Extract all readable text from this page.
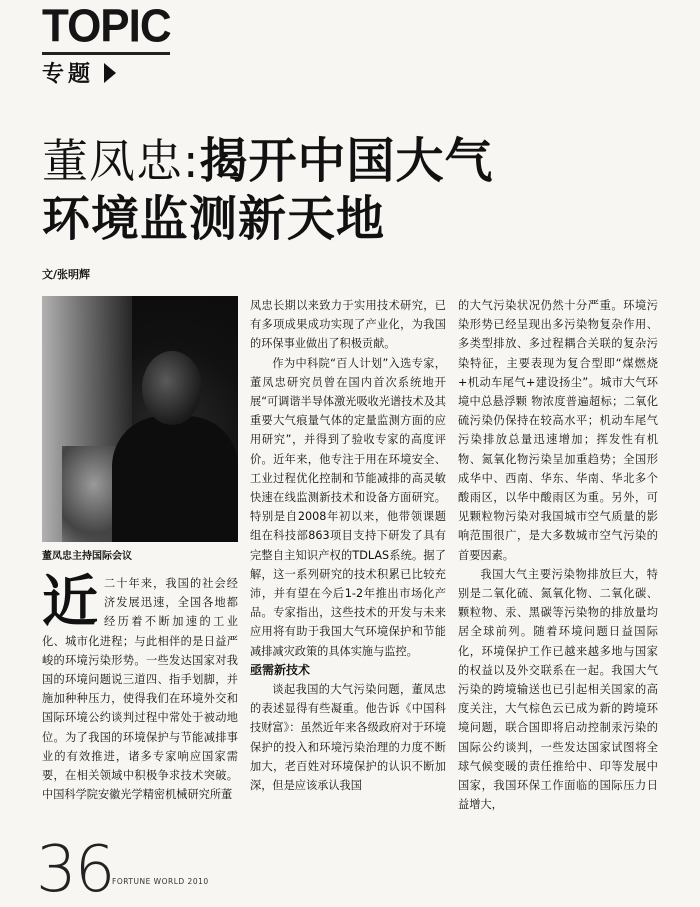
TOPIC
专题
董凤忠:揭开中国大气
环境监测新天地
文/张明辉
董凤忠主持国际会议

近二十年来，我国的社会经济发展迅速，全国各地都经历着不断加速的工业化、城市化进程；与此相伴的是日益严峻的环境污染形势。一些发达国家对我国的环境问题说三道四、指手划脚，并施加种种压力，使得我们在环境外交和国际环境公约谈判过程中常处于被动地位。为了我国的环境保护与节能减排事业的有效推进，诸多专家响应国家需要，在相关领域中积极争求技术突破。中国科学院安徽光学精密机械研究所董

凤忠长期以来致力于实用技术研究，已有多项成果成功实现了产业化，为我国的环保事业做出了积极贡献。

作为中科院“百人计划”入选专家，董凤忠研究员曾在国内首次系统地开展“可调谐半导体激光吸收光谱技术及其重要大气痕量气体的定量监测方面的应用研究”，并得到了验收专家的高度评价。近年来，他专注于用在环境安全、工业过程优化控制和节能减排的高灵敏快速在线监测新技术和设备方面研究。特别是自2008年初以来，他带领课题组在科技部863项目支持下研发了具有完整自主知识产权的TDLAS系统。据了解，这一系列研究的技术积累已比较充沛，并有望在今后1-2年推出市场化产品。专家指出，这些技术的开发与未来应用将有助于我国大气环境保护和节能减排减灾政策的具体实施与监控。

亟需新技术

谈起我国的大气污染问题，董凤忠的表述显得有些凝重。他告诉《中国科技财富》：虽然近年来各级政府对于环境保护的投入和环境污染治理的力度不断加大，老百姓对环境保护的认识不断加深，但是应该承认我国

的大气污染状况仍然十分严重。环境污染形势已经呈现出多污染物复杂作用、多类型排放、多过程耦合关联的复杂污染特征，主要表现为复合型即“煤燃烧+机动车尾气+建设扬尘”。城市大气环境中总悬浮颗 物浓度普遍超标；二氧化硫污染仍保持在较高水平；机动车尾气污染排放总量迅速增加；挥发性有机物、氮氧化物污染呈加重趋势；全国形成华中、西南、华东、华南、华北多个酸雨区，以华中酸雨区为重。另外，可见颗粒物污染对我国城市空气质量的影响范围很广，是大多数城市空气污染的首要因素。

我国大气主要污染物排放巨大，特别是二氧化硫、氮氧化物、二氧化碳、颗粒物、汞、黑碳等污染物的排放量均居全球前列。随着环境问题日益国际化，环境保护工作已越来越多地与国家的权益以及外交联系在一起。我国大气污染的跨境输送也已引起相关国家的高度关注，大气棕色云已成为新的跨境环境问题，联合国即将启动控制汞污染的国际公约谈判，一些发达国家试图将全球气候变暖的责任推给中、印等发展中国家，我国环保工作面临的国际压力日益增大，

36
FORTUNE WORLD 2010
